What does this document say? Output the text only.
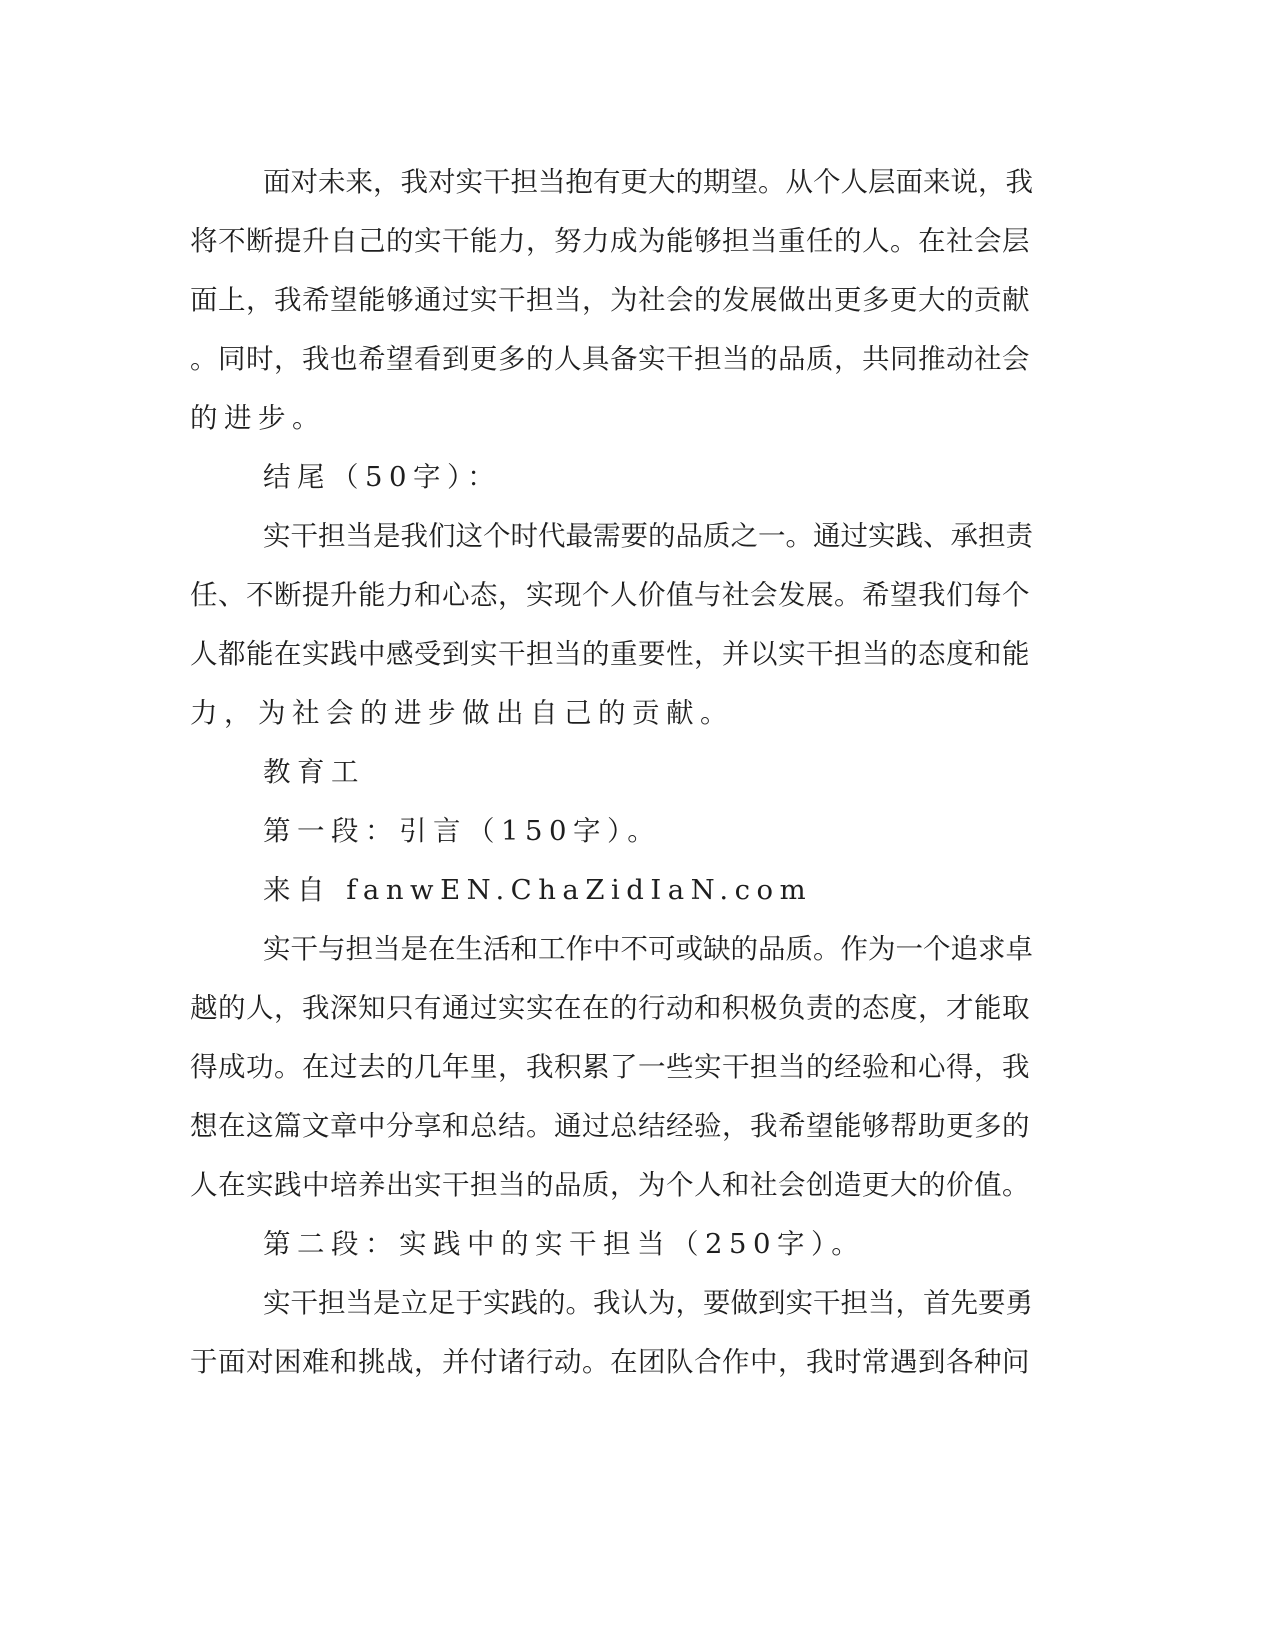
面对未来，我对实干担当抱有更大的期望。从个人层面来说，我
将不断提升自己的实干能力，努力成为能够担当重任的人。在社会层
面上，我希望能够通过实干担当，为社会的发展做出更多更大的贡献
。同时，我也希望看到更多的人具备实干担当的品质，共同推动社会
的进步。
结尾（50字）：
实干担当是我们这个时代最需要的品质之一。通过实践、承担责
任、不断提升能力和心态，实现个人价值与社会发展。希望我们每个
人都能在实践中感受到实干担当的重要性，并以实干担当的态度和能
力，为社会的进步做出自己的贡献。
教育工
第一段：引言（150字）。
来自 fanwEN.ChaZidIaN.com
实干与担当是在生活和工作中不可或缺的品质。作为一个追求卓
越的人，我深知只有通过实实在在的行动和积极负责的态度，才能取
得成功。在过去的几年里，我积累了一些实干担当的经验和心得，我
想在这篇文章中分享和总结。通过总结经验，我希望能够帮助更多的
人在实践中培养出实干担当的品质，为个人和社会创造更大的价值。
第二段：实践中的实干担当（250字）。
实干担当是立足于实践的。我认为，要做到实干担当，首先要勇
于面对困难和挑战，并付诸行动。在团队合作中，我时常遇到各种问
